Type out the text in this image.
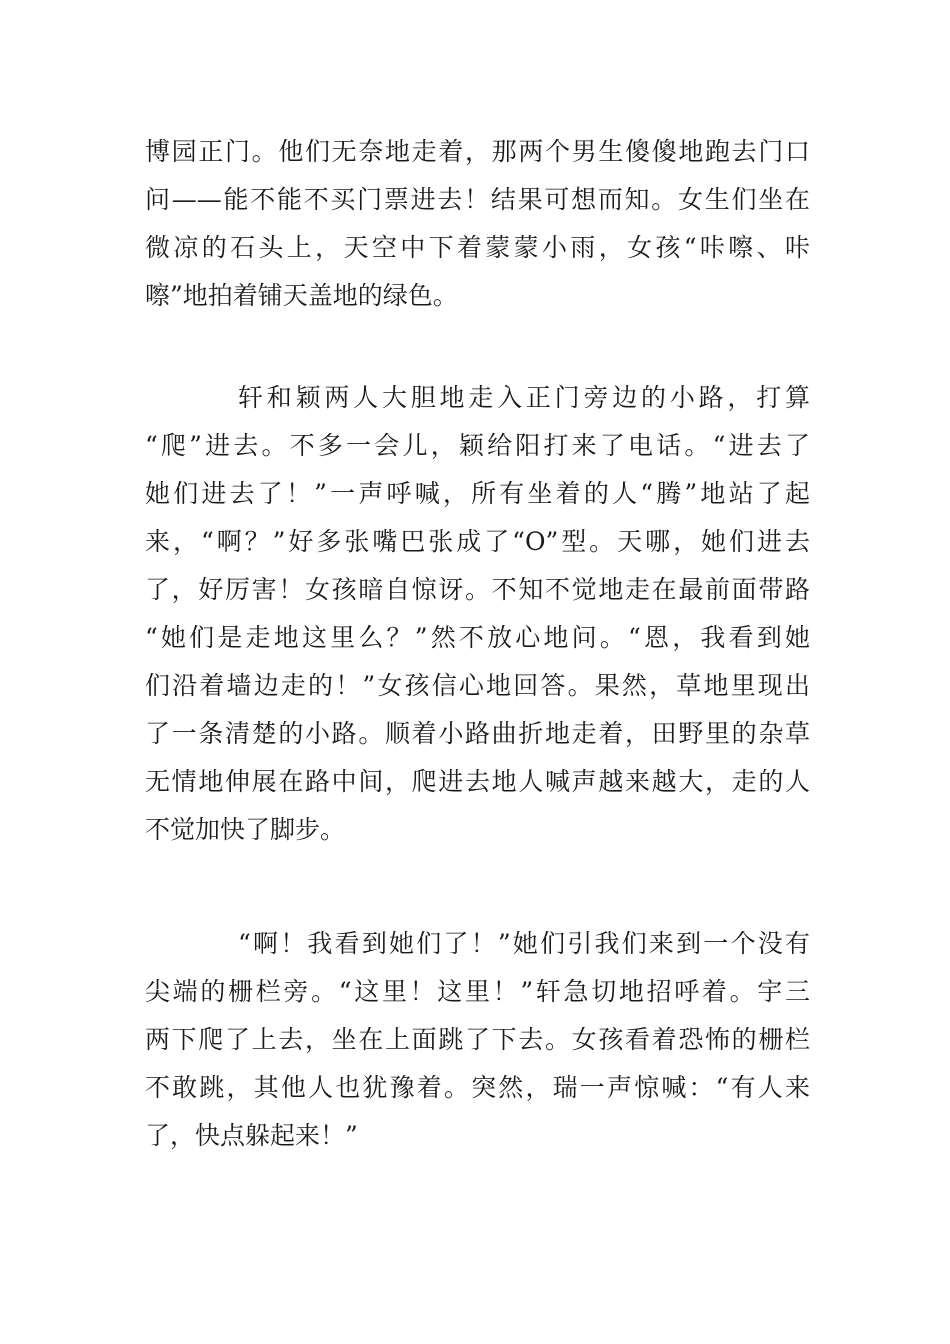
博园正门。他们无奈地走着，那两个男生傻傻地跑去门口
问——能不能不买门票进去！结果可想而知。女生们坐在
微凉的石头上，天空中下着蒙蒙小雨，女孩“咔嚓、咔
嚓”地拍着铺天盖地的绿色。
轩和颖两人大胆地走入正门旁边的小路，打算
“爬”进去。不多一会儿，颖给阳打来了电话。“进去了
她们进去了！”一声呼喊，所有坐着的人“腾”地站了起
来，“啊？”好多张嘴巴张成了“O”型。天哪，她们进去
了，好厉害！女孩暗自惊讶。不知不觉地走在最前面带路
“她们是走地这里么？”然不放心地问。“恩，我看到她
们沿着墙边走的！”女孩信心地回答。果然，草地里现出
了一条清楚的小路。顺着小路曲折地走着，田野里的杂草
无情地伸展在路中间，爬进去地人喊声越来越大，走的人
不觉加快了脚步。
“啊！我看到她们了！”她们引我们来到一个没有
尖端的栅栏旁。“这里！这里！”轩急切地招呼着。宇三
两下爬了上去，坐在上面跳了下去。女孩看着恐怖的栅栏
不敢跳，其他人也犹豫着。突然，瑞一声惊喊：“有人来
了，快点躲起来！”
